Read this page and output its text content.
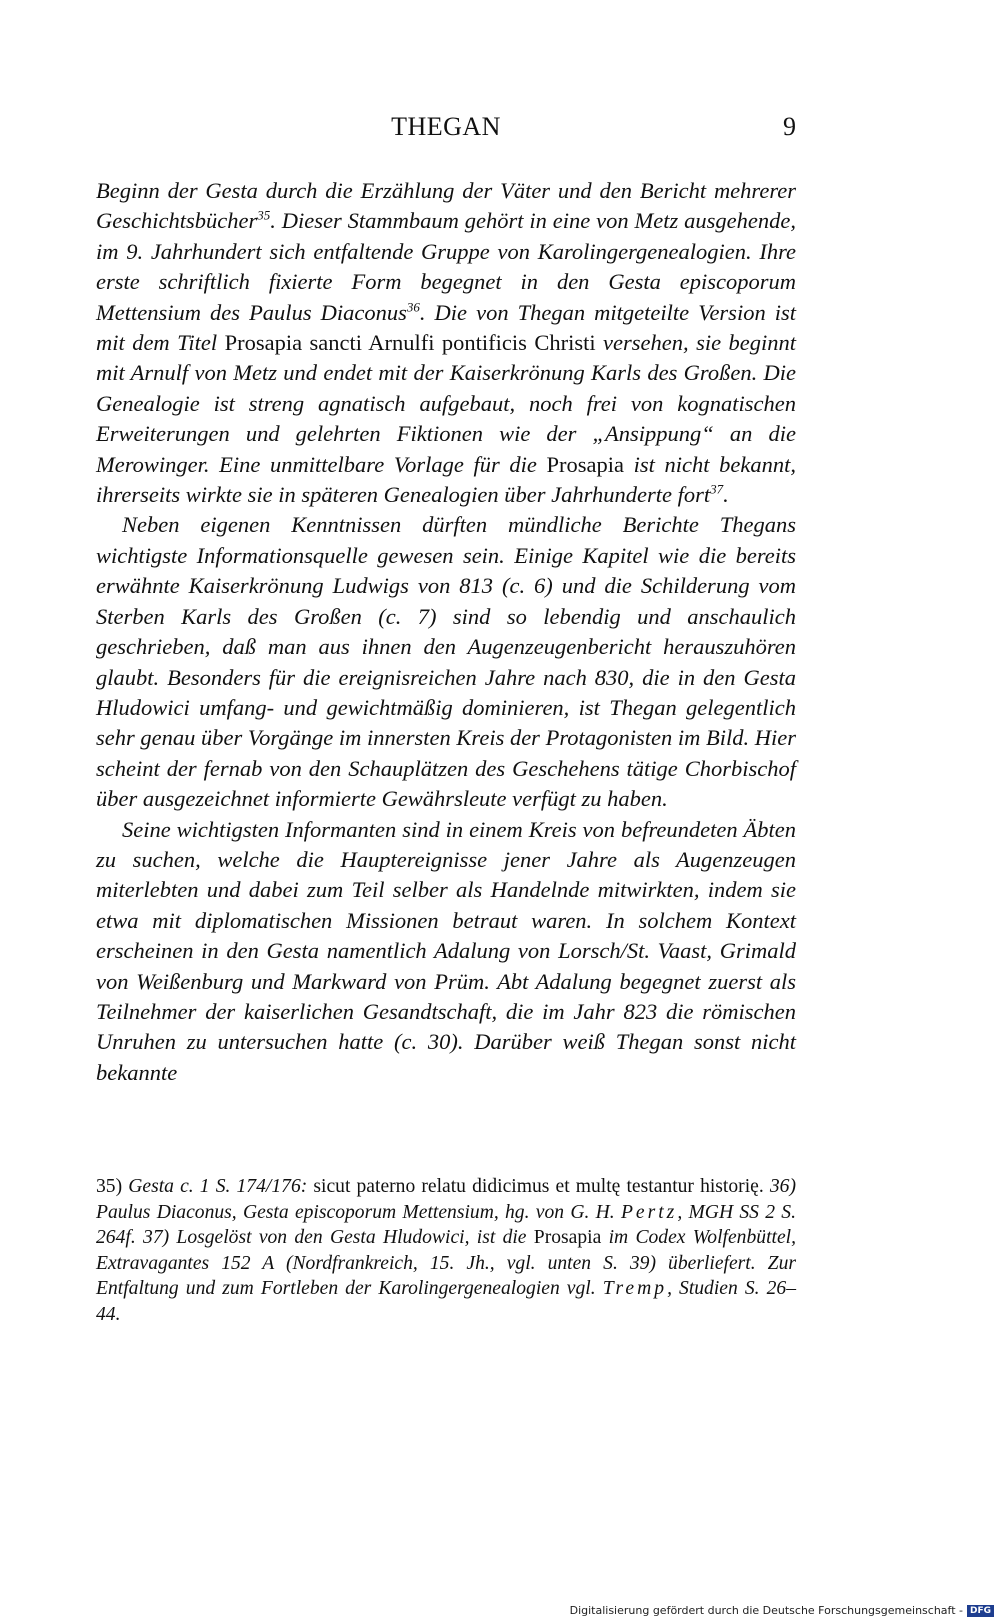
THEGAN	9

Beginn der Gesta durch die Erzählung der Väter und den Bericht mehrerer Geschichtsbücher$^{35}$. Dieser Stammbaum gehört in eine von Metz ausgehende, im 9. Jahrhundert sich entfaltende Gruppe von Karolingergenealogien. Ihre erste schriftlich fixierte Form begegnet in den Gesta episcoporum Mettensium des Paulus Diaconus$^{36}$. Die von Thegan mitgeteilte Version ist mit dem Titel Prosapia sancti Arnulfi pontificis Christi versehen, sie beginnt mit Arnulf von Metz und endet mit der Kaiserkrönung Karls des Großen. Die Genealogie ist streng agnatisch aufgebaut, noch frei von kognatischen Erweiterungen und gelehrten Fiktionen wie der „Ansippung“ an die Merowinger. Eine unmittelbare Vorlage für die Prosapia ist nicht bekannt, ihrerseits wirkte sie in späteren Genealogien über Jahrhunderte fort$^{37}$.

Neben eigenen Kenntnissen dürften mündliche Berichte Thegans wichtigste Informationsquelle gewesen sein. Einige Kapitel wie die bereits erwähnte Kaiserkrönung Ludwigs von 813 (c. 6) und die Schilderung vom Sterben Karls des Großen (c. 7) sind so lebendig und anschaulich geschrieben, daß man aus ihnen den Augenzeugenbericht herauszuhören glaubt. Besonders für die ereignisreichen Jahre nach 830, die in den Gesta Hludowici umfang- und gewichtmäßig dominieren, ist Thegan gelegentlich sehr genau über Vorgänge im innersten Kreis der Protagonisten im Bild. Hier scheint der fernab von den Schauplätzen des Geschehens tätige Chorbischof über ausgezeichnet informierte Gewährsleute verfügt zu haben.

Seine wichtigsten Informanten sind in einem Kreis von befreundeten Äbten zu suchen, welche die Hauptereignisse jener Jahre als Augenzeugen miterlebten und dabei zum Teil selber als Handelnde mitwirkten, indem sie etwa mit diplomatischen Missionen betraut waren. In solchem Kontext erscheinen in den Gesta namentlich Adalung von Lorsch/St. Vaast, Grimald von Weißenburg und Markward von Prüm. Abt Adalung begegnet zuerst als Teilnehmer der kaiserlichen Gesandtschaft, die im Jahr 823 die römischen Unruhen zu untersuchen hatte (c. 30). Darüber weiß Thegan sonst nicht bekannte

35) Gesta c. 1 S. 174/176: sicut paterno relatu didicimus et multę testantur historię. 36) Paulus Diaconus, Gesta episcoporum Mettensium, hg. von G. H. Pertz, MGH SS 2 S. 264f. 37) Losgelöst von den Gesta Hludowici, ist die Prosapia im Codex Wolfenbüttel, Extravagantes 152 A (Nordfrankreich, 15. Jh., vgl. unten S. 39) überliefert. Zur Entfaltung und zum Fortleben der Karolingergenealogien vgl. Tremp, Studien S. 26–44.
Digitalisierung gefördert durch die Deutsche Forschungsgemeinschaft - DFG
